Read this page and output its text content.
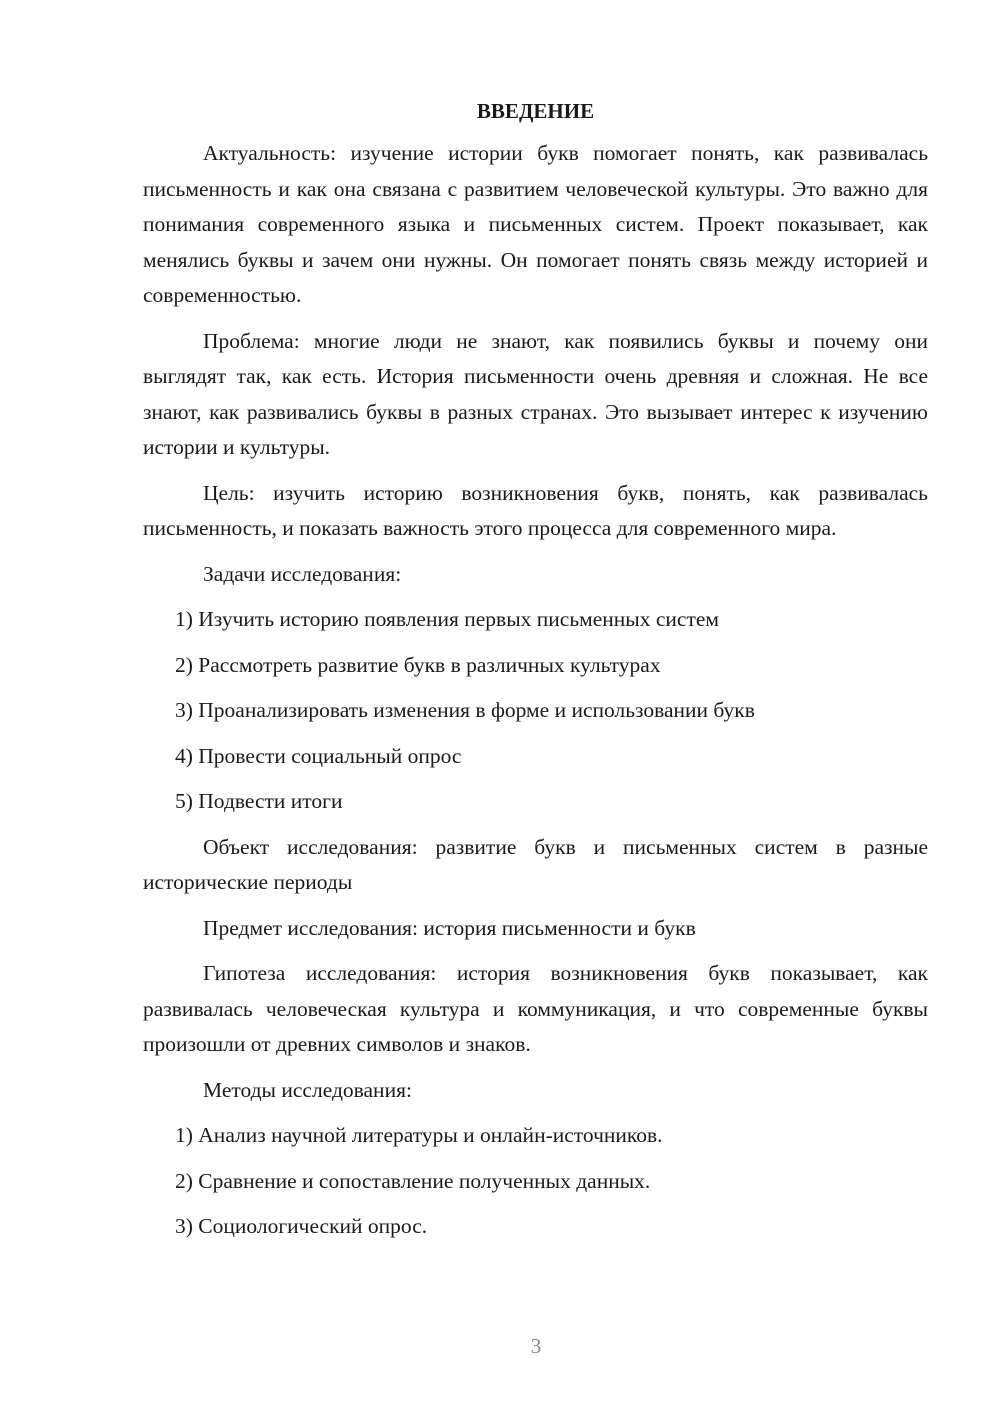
ВВЕДЕНИЕ

Актуальность: изучение истории букв помогает понять, как развивалась письменность и как она связана с развитием человеческой культуры. Это важно для понимания современного языка и письменных систем. Проект показывает, как менялись буквы и зачем они нужны. Он помогает понять связь между историей и современностью.

Проблема: многие люди не знают, как появились буквы и почему они выглядят так, как есть. История письменности очень древняя и сложная. Не все знают, как развивались буквы в разных странах. Это вызывает интерес к изучению истории и культуры.

Цель: изучить историю возникновения букв, понять, как развивалась письменность, и показать важность этого процесса для современного мира.

Задачи исследования:

1) Изучить историю появления первых письменных систем
2) Рассмотреть развитие букв в различных культурах
3) Проанализировать изменения в форме и использовании букв
4) Провести социальный опрос
5) Подвести итоги

Объект исследования: развитие букв и письменных систем в разные исторические периоды

Предмет исследования: история письменности и букв

Гипотеза исследования: история возникновения букв показывает, как развивалась человеческая культура и коммуникация, и что современные буквы произошли от древних символов и знаков.

Методы исследования:

1) Анализ научной литературы и онлайн-источников.
2) Сравнение и сопоставление полученных данных.
3) Социологический опрос.
3
